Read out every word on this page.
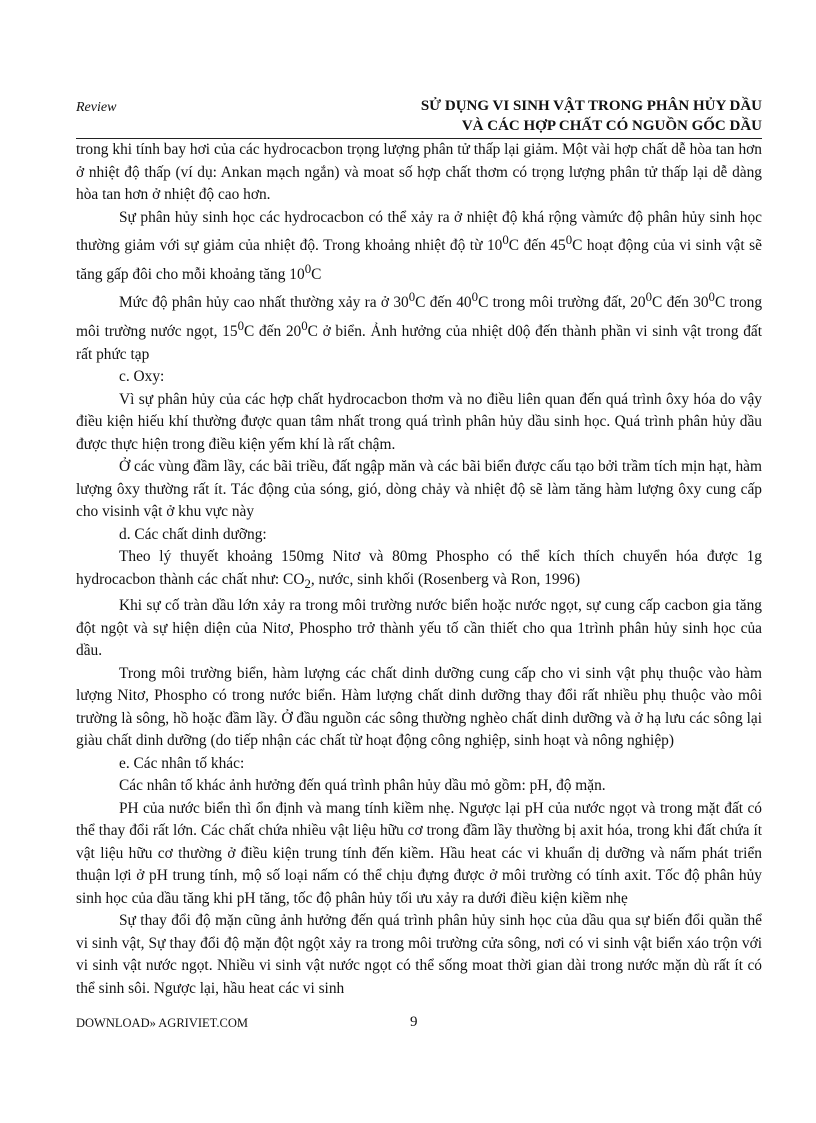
Review	SỬ DỤNG VI SINH VẬT TRONG PHÂN HỦY DẦU
VÀ CÁC HỢP CHẤT CÓ NGUỒN GỐC DẦU

trong khi tính bay hơi của các hydrocacbon trọng lượng phân tử thấp lại giảm. Một vài hợp chất dễ hòa tan hơn ở nhiệt độ thấp (ví dụ: Ankan mạch ngắn) và moat số hợp chất thơm có trọng lượng phân tử thấp lại dễ dàng hòa tan hơn ở nhiệt độ cao hơn.

Sự phân hủy sinh học các hydrocacbon có thể xảy ra ở nhiệt độ khá rộng vàmức độ phân hủy sinh học thường giảm với sự giảm của nhiệt độ. Trong khoảng nhiệt độ từ $10^0C$ đến $45^0C$ hoạt động của vi sinh vật sẽ tăng gấp đôi cho mỗi khoảng tăng $10^0C$

Mức độ phân hủy cao nhất thường xảy ra ở $30^0C$ đến $40^0C$ trong môi trường đất, $20^0C$ đến $30^0C$ trong môi trường nước ngọt, $15^0C$ đến $20^0C$ ở biển. Ảnh hưởng của nhiệt d0ộ đến thành phần vi sinh vật trong đất rất phức tạp

c. Oxy:

Vì sự phân hủy của các hợp chất hydrocacbon thơm và no điều liên quan đến quá trình ôxy hóa do vậy điều kiện hiếu khí thường được quan tâm nhất trong quá trình phân hủy dầu sinh học. Quá trình phân hủy dầu được thực hiện trong điều kiện yếm khí là rất chậm.

Ở các vùng đầm lầy, các bãi triều, đất ngập măn và các bãi biển được cấu tạo bởi trầm tích mịn hạt, hàm lượng ôxy thường rất ít. Tác động của sóng, gió, dòng chảy và nhiệt độ sẽ làm tăng hàm lượng ôxy cung cấp cho visinh vật ở khu vực này

d. Các chất dinh dưỡng:

Theo lý thuyết khoảng 150mg Nitơ và 80mg Phospho có thể kích thích chuyển hóa được 1g hydrocacbon thành các chất như: $CO_2$, nước, sinh khối (Rosenberg và Ron, 1996)

Khi sự cố tràn dầu lớn xảy ra trong môi trường nước biển hoặc nước ngọt, sự cung cấp cacbon gia tăng đột ngột và sự hiện diện của Nitơ, Phospho trở thành yếu tố cần thiết cho qua 1trình phân hủy sinh học của dầu.

Trong môi trường biển, hàm lượng các chất dinh dưỡng cung cấp cho vi sinh vật phụ thuộc vào hàm lượng Nitơ, Phospho có trong nước biển. Hàm lượng chất dinh dưỡng thay đổi rất nhiều phụ thuộc vào môi trường là sông, hồ hoặc đầm lầy. Ở đầu nguồn các sông thường nghèo chất dinh dưỡng và ở hạ lưu các sông lại giàu chất dinh dưỡng (do tiếp nhận các chất từ hoạt động công nghiệp, sinh hoạt và nông nghiệp)

e. Các nhân tố khác:

Các nhân tố khác ảnh hưởng đến quá trình phân hủy dầu mỏ gồm: pH, độ mặn.

PH của nước biển thì ổn định và mang tính kiềm nhẹ. Ngược lại pH của nước ngọt và trong mặt đất có thể thay đổi rất lớn. Các chất chứa nhiều vật liệu hữu cơ trong đầm lầy thường bị axit hóa, trong khi đất chứa ít vật liệu hữu cơ thường ở điều kiện trung tính đến kiềm. Hầu heat các vi khuẩn dị dưỡng và nấm phát triển thuận lợi ở pH trung tính, mộ số loại nấm có thể chịu đựng được ở môi trường có tính axit. Tốc độ phân hủy sinh học của dầu tăng khi pH tăng, tốc độ phân hủy tối ưu xảy ra dưới điều kiện kiềm nhẹ

Sự thay đổi độ mặn cũng ảnh hưởng đến quá trình phân hủy sinh học của dầu qua sự biến đổi quần thể vi sinh vật, Sự thay đổi độ mặn đột ngột xảy ra trong môi trường cửa sông, nơi có vi sinh vật biển xáo trộn với vi sinh vật nước ngọt. Nhiều vi sinh vật nước ngọt có thể sống moat thời gian dài trong nước mặn dù rất ít có thể sinh sôi. Ngược lại, hầu heat các vi sinh

DOWNLOAD» AGRIVIET.COM	9
